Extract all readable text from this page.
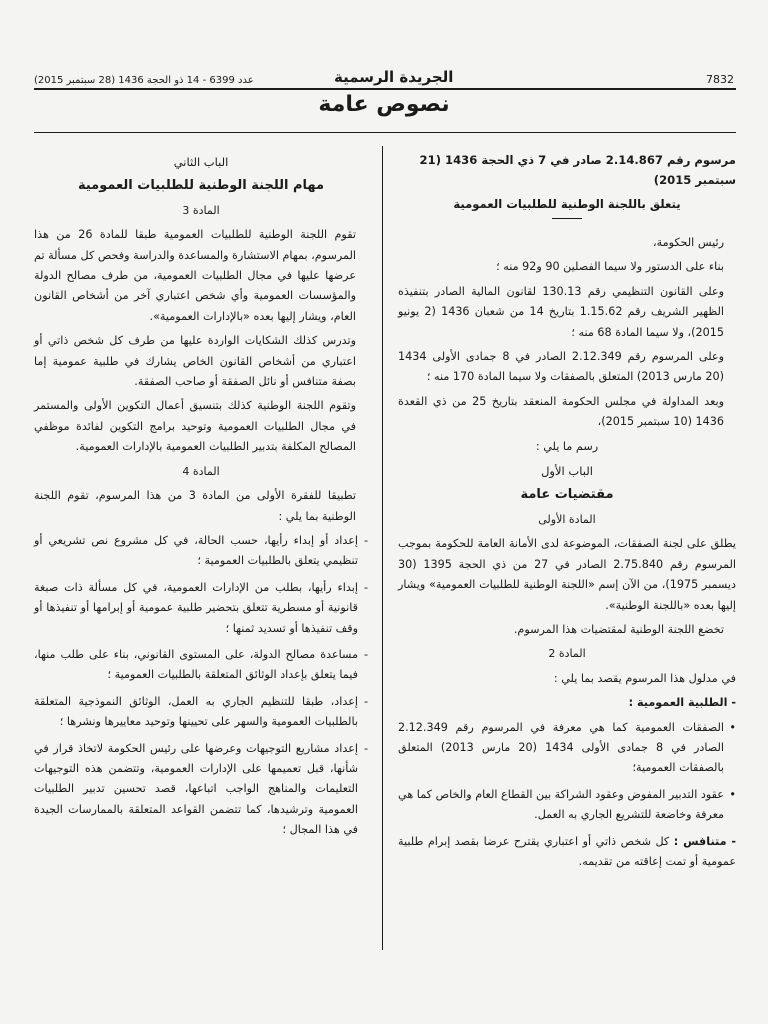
عدد 6399 - 14 ذو الحجة 1436 (28 سبتمبر 2015)	الجريدة الرسمية	7832
نصوص عامة

مرسوم رقم 2.14.867 صادر في 7 ذي الحجة 1436 (21 سبتمبر 2015)

يتعلق باللجنة الوطنية للطلبيات العمومية

رئيس الحكومة،

بناء على الدستور ولا سيما الفصلين 90 و92 منه ؛

وعلى القانون التنظيمي رقم 130.13 لقانون المالية الصادر بتنفيذه الظهير الشريف رقم 1.15.62 بتاريخ 14 من شعبان 1436 (2 يونيو 2015)، ولا سيما المادة 68 منه ؛

وعلى المرسوم رقم 2.12.349 الصادر في 8 جمادى الأولى 1434 (20 مارس 2013) المتعلق بالصفقات ولا سيما المادة 170 منه ؛

وبعد المداولة في مجلس الحكومة المنعقد بتاريخ 25 من ذي القعدة 1436 (10 سبتمبر 2015)،

رسم ما يلي :

الباب الأول

مقتضيات عامة

المادة الأولى

يطلق على لجنة الصفقات، الموضوعة لدى الأمانة العامة للحكومة بموجب المرسوم رقم 2.75.840 الصادر في 27 من ذي الحجة 1395 (30 ديسمبر 1975)، من الآن إسم «اللجنة الوطنية للطلبيات العمومية» ويشار إليها بعده «باللجنة الوطنية».

تخضع اللجنة الوطنية لمقتضيات هذا المرسوم.

المادة 2

في مدلول هذا المرسوم يقصد بما يلي :

- الطلبية العمومية :

• الصفقات العمومية كما هي معرفة في المرسوم رقم 2.12.349 الصادر في 8 جمادى الأولى 1434 (20 مارس 2013) المتعلق بالصفقات العمومية؛
• عقود التدبير المفوض وعقود الشراكة بين القطاع العام والخاص كما هي معرفة وخاضعة للتشريع الجاري به العمل.

- متنافس : كل شخص ذاتي أو اعتباري يقترح عرضا بقصد إبرام طلبية عمومية أو تمت إعاقته من تقديمه.

الباب الثاني

مهام اللجنة الوطنية للطلبيات العمومية

المادة 3

تقوم اللجنة الوطنية للطلبيات العمومية طبقا للمادة 26 من هذا المرسوم، بمهام الاستشارة والمساعدة والدراسة وفحص كل مسألة تم عرضها عليها في مجال الطلبيات العمومية، من طرف مصالح الدولة والمؤسسات العمومية وأي شخص اعتباري آخر من أشخاص القانون العام، ويشار إليها بعده «بالإدارات العمومية».

وتدرس كذلك الشكايات الواردة عليها من طرف كل شخص ذاتي أو اعتباري من أشخاص القانون الخاص يشارك في طلبية عمومية إما بصفة متنافس أو نائل الصفقة أو صاحب الصفقة.

وتقوم اللجنة الوطنية كذلك بتنسيق أعمال التكوين الأولى والمستمر في مجال الطلبيات العمومية وتوحيد برامج التكوين لفائدة موظفي المصالح المكلفة بتدبير الطلبيات العمومية بالإدارات العمومية.

المادة 4

تطبيقا للفقرة الأولى من المادة 3 من هذا المرسوم، تقوم اللجنة الوطنية بما يلي :

- إعداد أو إبداء رأيها، حسب الحالة، في كل مشروع نص تشريعي أو تنظيمي يتعلق بالطلبيات العمومية ؛
- إبداء رأيها، بطلب من الإدارات العمومية، في كل مسألة ذات صبغة قانونية أو مسطرية تتعلق بتحضير طلبية عمومية أو إبرامها أو تنفيذها أو وقف تنفيذها أو تسديد ثمنها ؛
- مساعدة مصالح الدولة، على المستوى القانوني، بناء على طلب منها، فيما يتعلق بإعداد الوثائق المتعلقة بالطلبيات العمومية ؛
- إعداد، طبقا للتنظيم الجاري به العمل، الوثائق النموذجية المتعلقة بالطلبيات العمومية والسهر على تحيينها وتوحيد معاييرها ونشرها ؛
- إعداد مشاريع التوجيهات وعرضها على رئيس الحكومة لاتخاذ قرار في شأنها، قبل تعميمها على الإدارات العمومية، وتتضمن هذه التوجيهات التعليمات والمناهج الواجب اتباعها، قصد تحسين تدبير الطلبيات العمومية وترشيدها، كما تتضمن القواعد المتعلقة بالممارسات الجيدة في هذا المجال ؛
